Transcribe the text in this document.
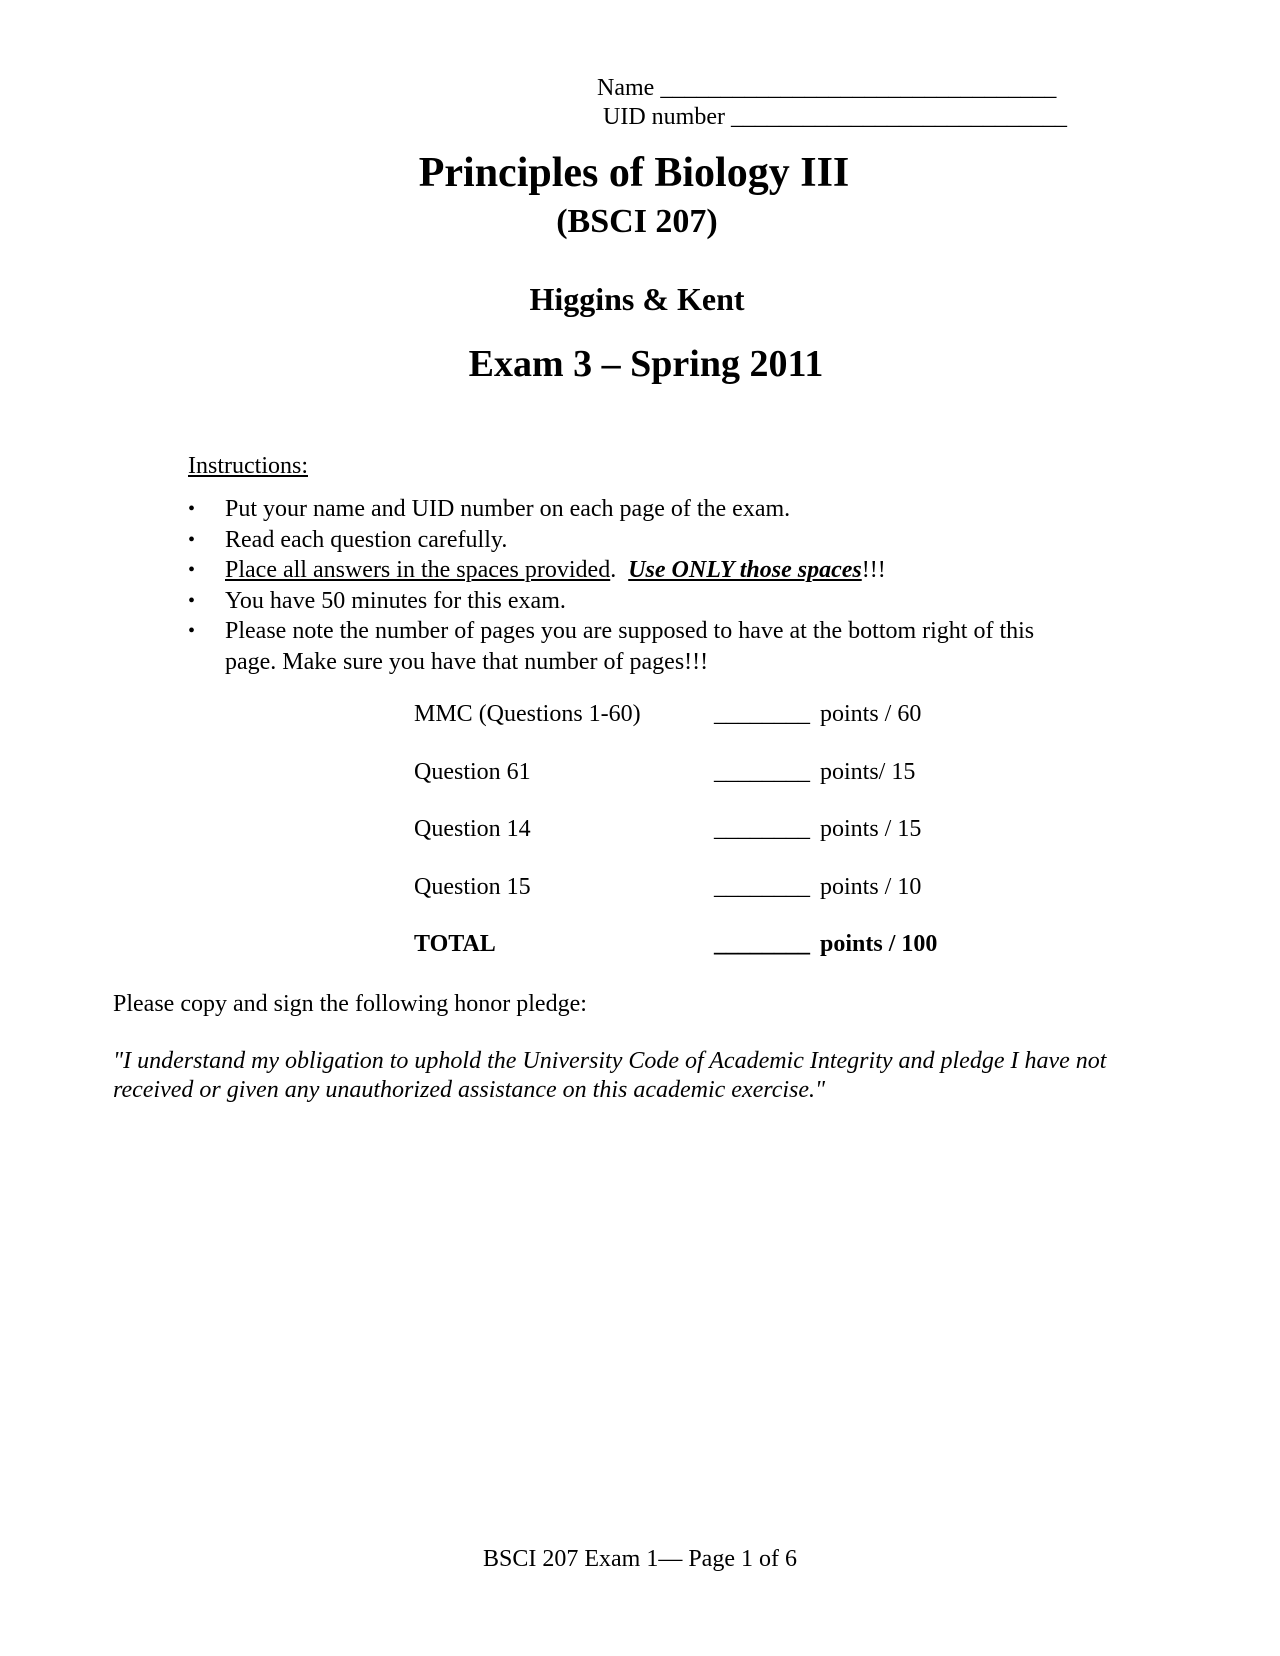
Name _________________________________
UID number ____________________________
Principles of Biology III
(BSCI 207)
Higgins & Kent
Exam 3 – Spring 2011
Instructions:
• Put your name and UID number on each page of the exam.
• Read each question carefully.
• Place all answers in the spaces provided.  Use ONLY those spaces!!!
• You have 50 minutes for this exam.
• Please note the number of pages you are supposed to have at the bottom right of this page. Make sure you have that number of pages!!!
MMC (Questions 1-60)	________ points / 60
Question 61	________ points/ 15
Question 14	________ points / 15
Question 15	________ points / 10
TOTAL	________ points / 100
Please copy and sign the following honor pledge:

"I understand my obligation to uphold the University Code of Academic Integrity and pledge I have not received or given any unauthorized assistance on this academic exercise."

BSCI 207 Exam 1— Page 1 of 6
